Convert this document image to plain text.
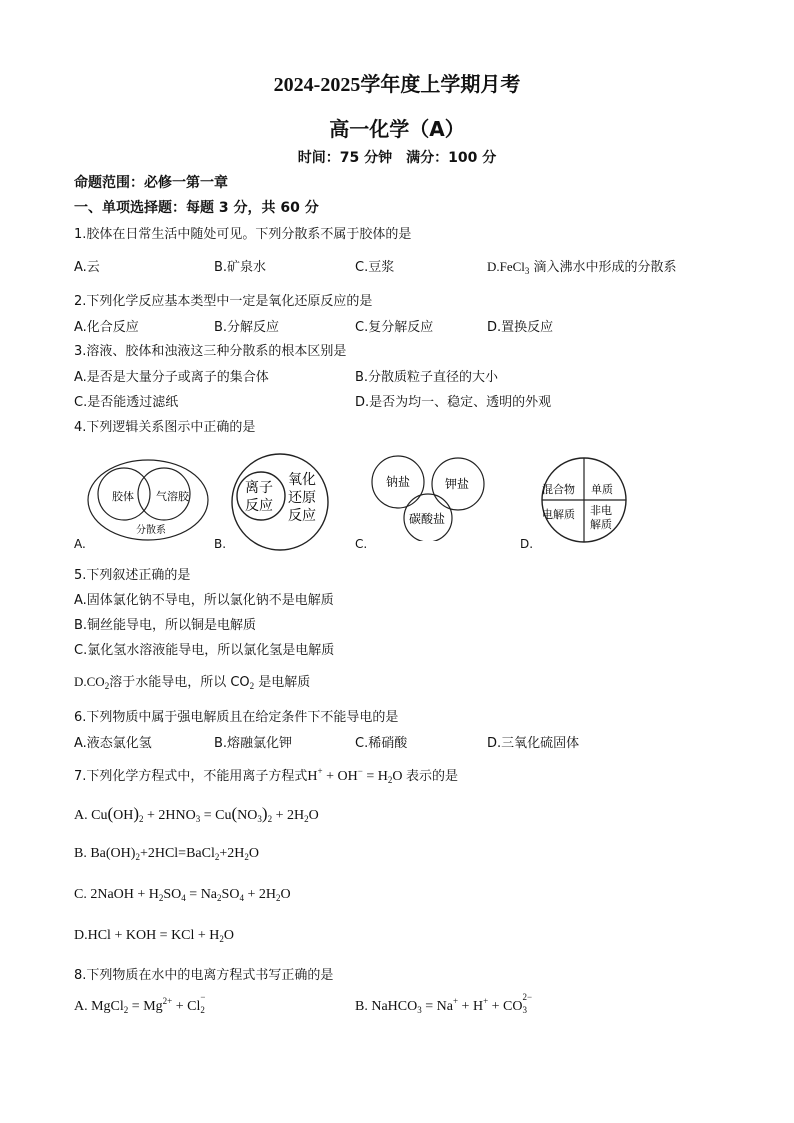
2024-2025学年度上学期月考
高一化学（A）
时间：75 分钟　满分：100 分
命题范围：必修一第一章
一、单项选择题：每题 3 分，共 60 分
1.胶体在日常生活中随处可见。下列分散系不属于胶体的是
A.云	B.矿泉水	C.豆浆	D.FeCl$_3$ 滴入沸水中形成的分散系
2.下列化学反应基本类型中一定是氧化还原反应的是
A.化合反应	B.分解反应	C.复分解反应	D.置换反应
3.溶液、胶体和浊液这三种分散系的根本区别是
A.是否是大量分子或离子的集合体	B.分散质粒子直径的大小
C.是否能透过滤纸	D.是否为均一、稳定、透明的外观
4.下列逻辑关系图示中正确的是
胶体 气溶胶
分散系
A.
离子
反应
氧化
还原
反应
B.
钠盐	钾盐
碳酸盐
C.
混合物 单质
电解质 非电
解质
D.
5.下列叙述正确的是
A.固体氯化钠不导电，所以氯化钠不是电解质
B.铜丝能导电，所以铜是电解质
C.氯化氢水溶液能导电，所以氯化氢是电解质
$D.CO_2$溶于水能导电，所以 $CO_2$ 是电解质
6.下列物质中属于强电解质且在给定条件下不能导电的是
A.液态氯化氢	B.熔融氯化钾	C.稀硝酸	D.三氧化硫固体
7.下列化学方程式中，不能用离子方程式$H^+ + OH^- = H_2O$ 表示的是
A. $Cu(OH)_2 + 2HNO_3 = Cu(NO_3)_2 + 2H_2O$
B. $Ba(OH)_2+2HCl=BaCl_2+2H_2O$
C. 2NaOH + $H_2SO_4 = Na_2SO_4 + 2H_2O$
D.HCl + KOH = KCl + $H_2O$
8.下列物质在水中的电离方程式书写正确的是
A. MgCl$_2$ = $Mg^{2+} + Cl$
$_{- 2}$	B. NaHCO$_3$ = Na+ + H+ + CO
$_{2- 3}$
